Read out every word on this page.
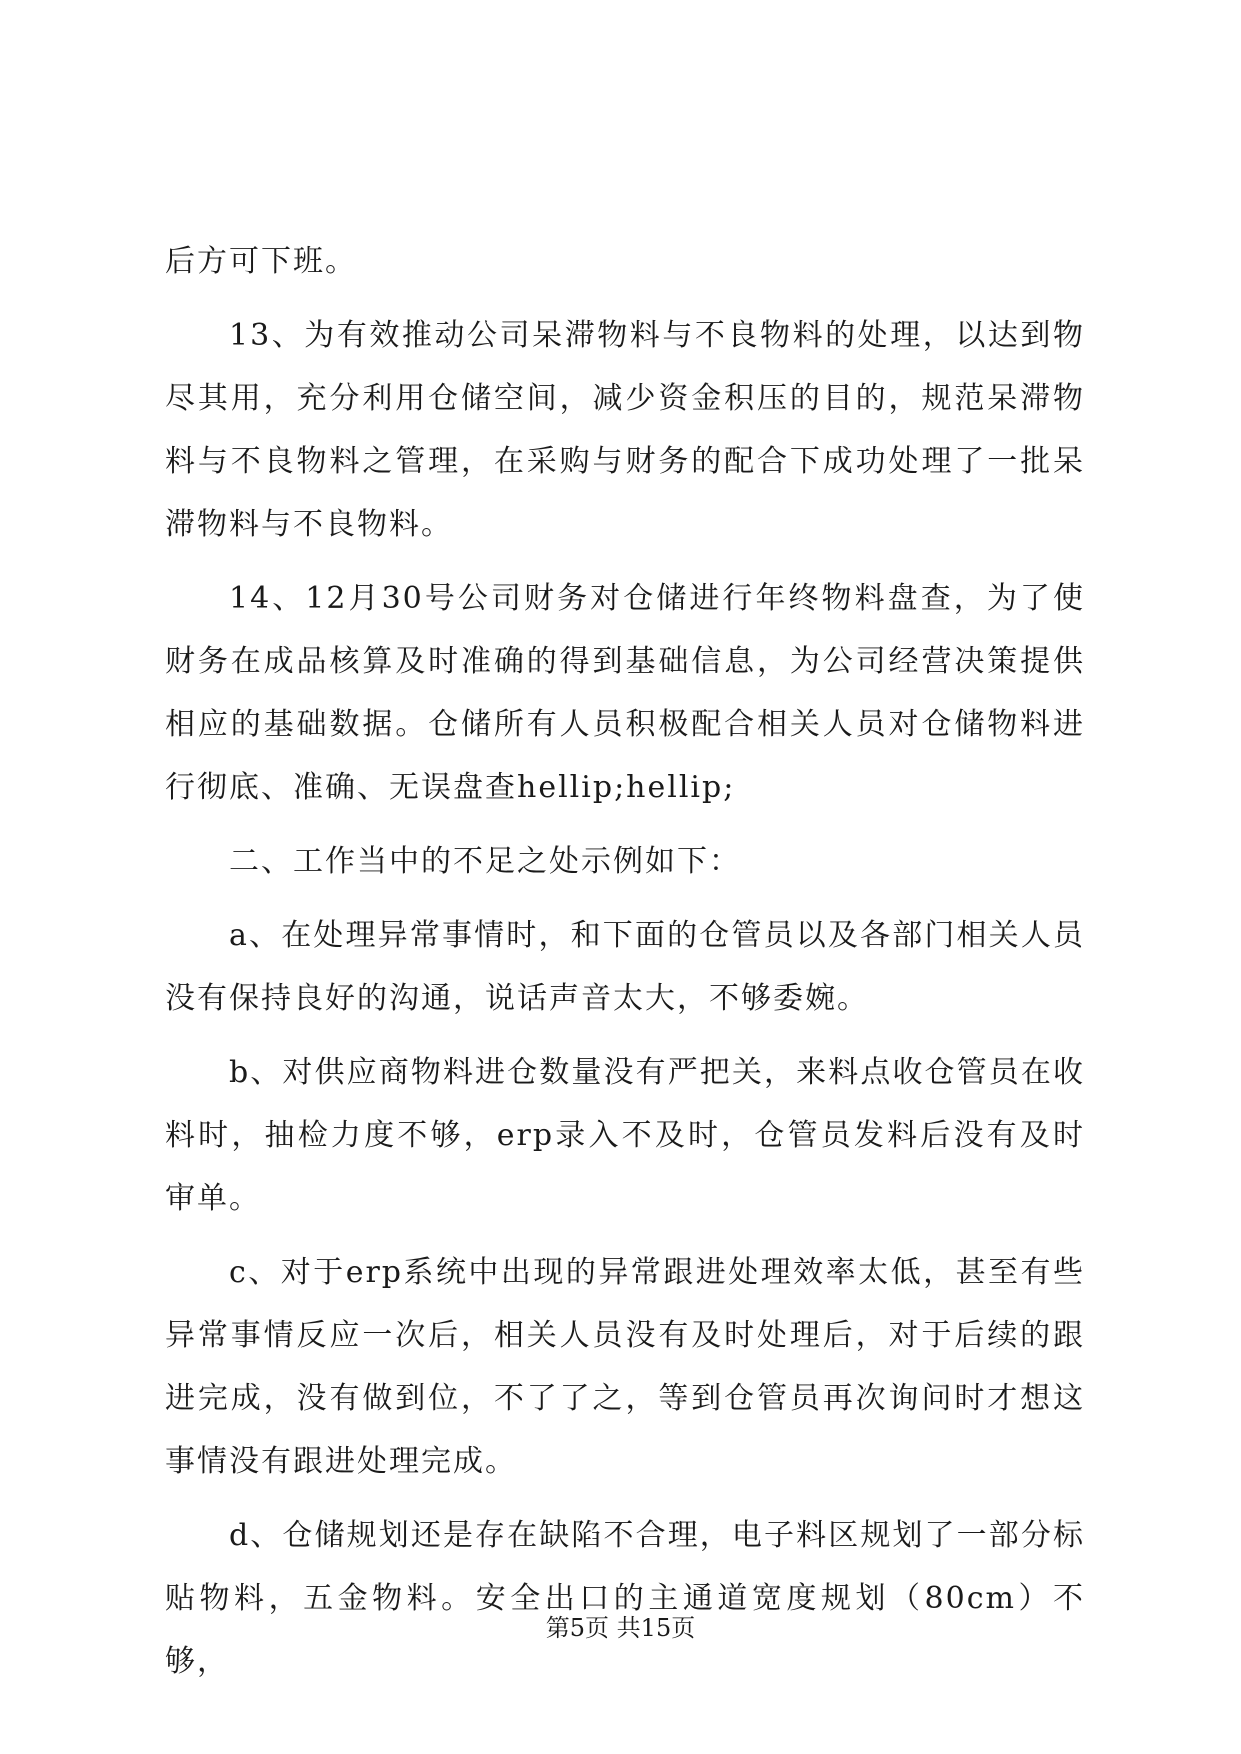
后方可下班。

13、为有效推动公司呆滞物料与不良物料的处理，以达到物尽其用，充分利用仓储空间，减少资金积压的目的，规范呆滞物料与不良物料之管理，在采购与财务的配合下成功处理了一批呆滞物料与不良物料。

14、12月30号公司财务对仓储进行年终物料盘查，为了使财务在成品核算及时准确的得到基础信息，为公司经营决策提供相应的基础数据。仓储所有人员积极配合相关人员对仓储物料进行彻底、准确、无误盘查hellip;hellip;

二、工作当中的不足之处示例如下：

a、在处理异常事情时，和下面的仓管员以及各部门相关人员没有保持良好的沟通，说话声音太大，不够委婉。

b、对供应商物料进仓数量没有严把关，来料点收仓管员在收料时，抽检力度不够，erp录入不及时，仓管员发料后没有及时审单。

c、对于erp系统中出现的异常跟进处理效率太低，甚至有些异常事情反应一次后，相关人员没有及时处理后，对于后续的跟进完成，没有做到位，不了了之，等到仓管员再次询问时才想这事情没有跟进处理完成。

d、仓储规划还是存在缺陷不合理，电子料区规划了一部分标贴物料，五金物料。安全出口的主通道宽度规划（80cm）不够，

第5页 共15页
